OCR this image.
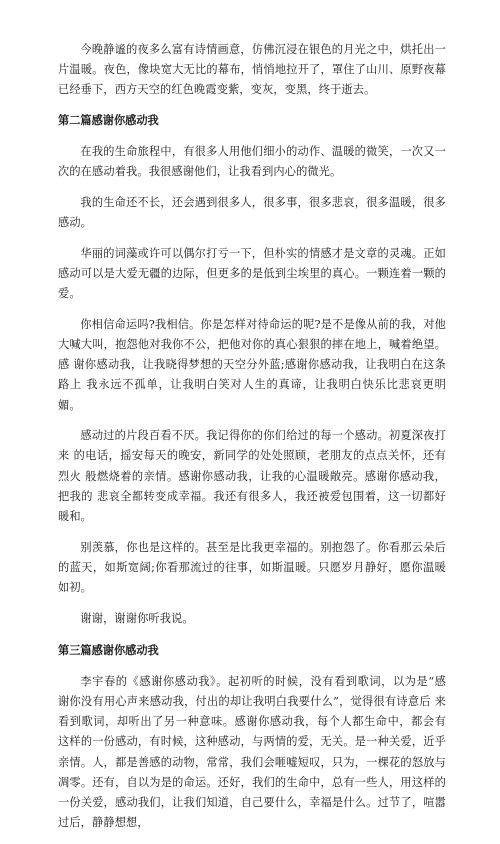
今晚静谧的夜多么富有诗情画意，仿佛沉浸在银色的月光之中，烘托出一 片温暖。夜色，像块宽大无比的幕布，悄悄地拉开了，罩住了山川、原野夜幕 已经垂下，西方天空的红色晚霞变紫，变灰，变黑，终于逝去。

第二篇感谢你感动我

在我的生命旅程中，有很多人用他们细小的动作、温暖的微笑，一次又一 次的在感动着我。我很感谢他们，让我看到内心的微光。

我的生命还不长，还会遇到很多人，很多事，很多悲哀，很多温暖，很多 感动。

华丽的词藻或许可以偶尔打亏一下，但朴实的情感才是文章的灵魂。正如 感动可以是大爱无疆的边际，但更多的是低到尘埃里的真心。一颗连着一颗的 爱。

你相信命运吗?我相信。你是怎样对待命运的呢?是不是像从前的我，对他 大喊大叫，抱怨他对我你不公，把他对你的真心狠狠的摔在地上，喊着绝望。感 谢你感动我，让我晓得梦想的天空分外蓝;感谢你感动我，让我明白在这条路上 我永远不孤单，让我明白笑对人生的真谛，让我明白快乐比悲哀更明媚。

感动过的片段百看不厌。我记得你的你们给过的每一个感动。初夏深夜打来 的电话，摇安每天的晚安，新同学的处处照顾，老朋友的点点关怀，还有烈火 般燃烧着的亲情。感谢你感动我，让我的心温暖敞亮。感谢你感动我，把我的 悲哀全都转变成幸福。我还有很多人，我还被爱包围着，这一切都好暖和。

别羡慕，你也是这样的。甚至是比我更幸福的。别抱怨了。你看那云朵后 的蓝天，如斯宽阔;你看那流过的往事，如斯温暖。只愿岁月静好，愿你温暖 如初。

谢谢，谢谢你听我说。

第三篇感谢你感动我

李宇春的《感谢你感动我》。起初听的时候，没有看到歌词，以为是“感 谢你没有用心声来感动我，付出的却让我明白我要什么”，觉得很有诗意后 来看到歌词，却听出了另一种意味。感谢你感动我，每个人都生命中，都会有 这样的一份感动，有时候，这种感动，与两情的爱，无关。是一种关爱，近乎 亲情。人，都是善感的动物，常常，我们会咂嘘短叹，只为，一棵花的怒放与 凋零。还有，自以为是的命运。还好，我们的生命中，总有一些人，用这样的 一份关爱，感动我们，让我们知道，自己要什么，幸福是什么。过节了，喧嚣过后，静静想想，
